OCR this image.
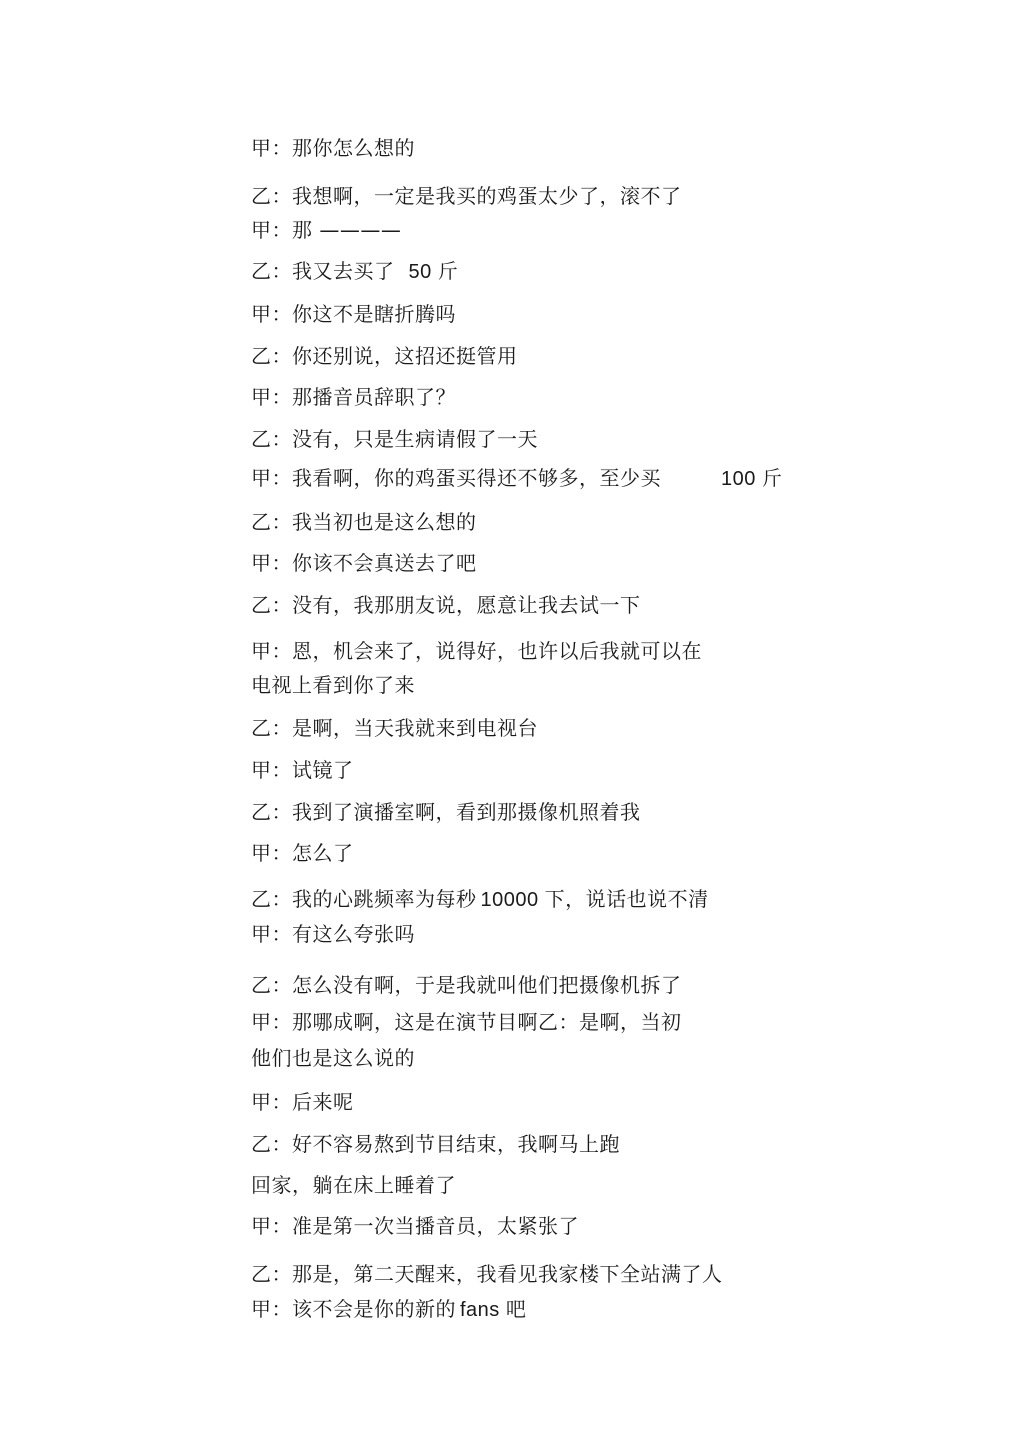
甲：那你怎么想的
乙：我想啊，一定是我买的鸡蛋太少了，滚不了
甲：那 ————
乙：我又去买了 50 斤
甲：你这不是瞎折腾吗
乙：你还别说，这招还挺管用
甲：那播音员辞职了？
乙：没有，只是生病请假了一天
甲：我看啊，你的鸡蛋买得还不够多，至少买	100 斤
乙：我当初也是这么想的
甲：你该不会真送去了吧
乙：没有，我那朋友说，愿意让我去试一下
甲：恩，机会来了，说得好，也许以后我就可以在
电视上看到你了来
乙：是啊，当天我就来到电视台
甲：试镜了
乙：我到了演播室啊，看到那摄像机照着我
甲：怎么了
乙：我的心跳频率为每秒 10000 下，说话也说不清
甲：有这么夸张吗
乙：怎么没有啊，于是我就叫他们把摄像机拆了
甲：那哪成啊，这是在演节目啊乙：是啊，当初
他们也是这么说的
甲：后来呢
乙：好不容易熬到节目结束，我啊马上跑
回家，躺在床上睡着了
甲：准是第一次当播音员，太紧张了
乙：那是，第二天醒来，我看见我家楼下全站满了人
甲：该不会是你的新的 fans 吧
